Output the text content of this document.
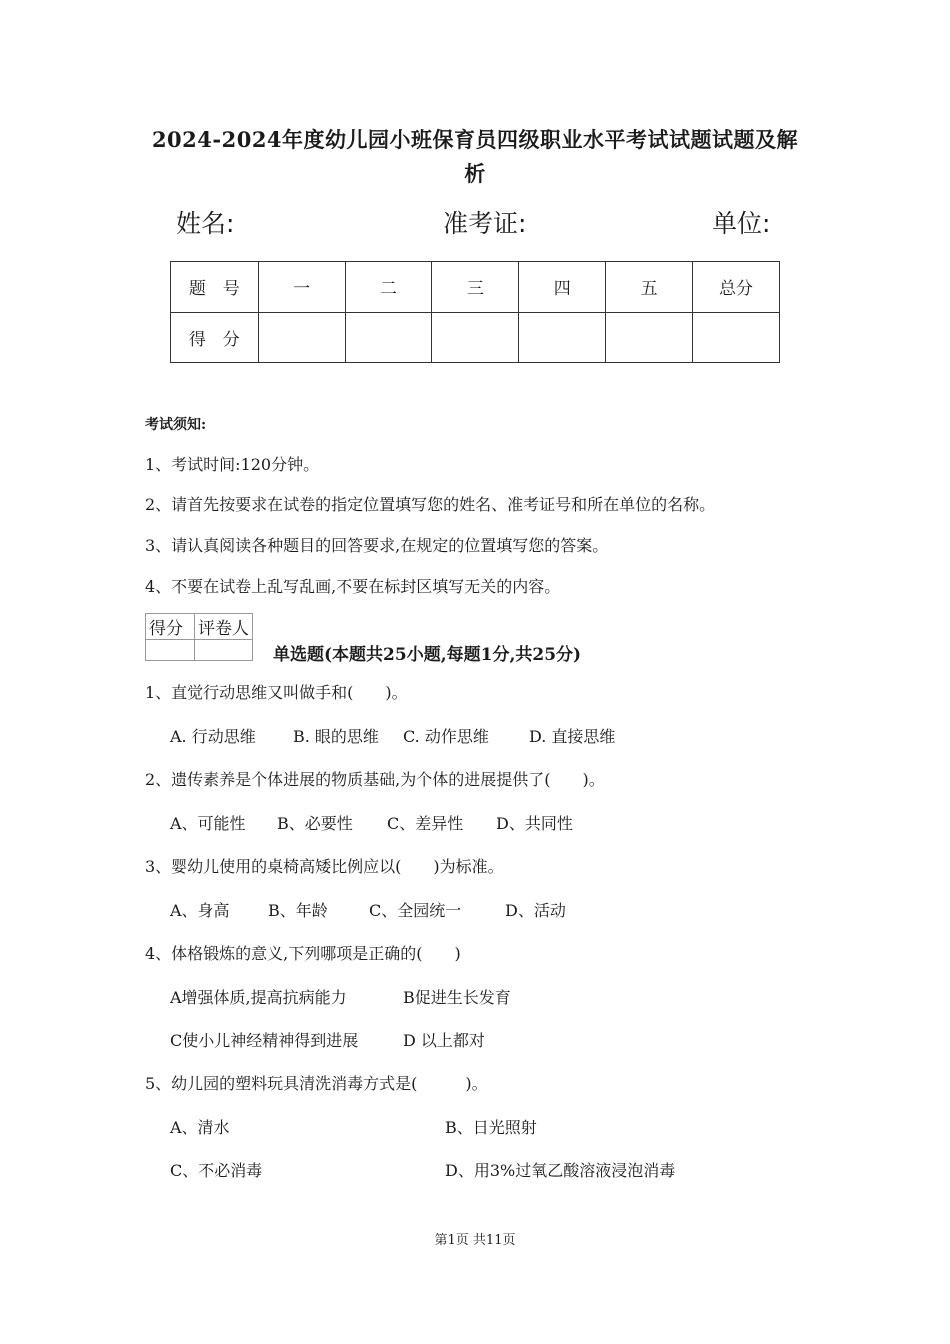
2024-2024年度幼儿园小班保育员四级职业水平考试试题试题及解
析
姓名:	准考证:	单位:
题　号	一	二	三	四	五	总分
得　分						
考试须知:
1、考试时间:120分钟。
2、请首先按要求在试卷的指定位置填写您的姓名、准考证号和所在单位的名称。
3、请认真阅读各种题目的回答要求,在规定的位置填写您的答案。
4、不要在试卷上乱写乱画,不要在标封区填写无关的内容。
得分	评卷人

单选题(本题共25小题,每题1分,共25分)
1、直觉行动思维又叫做手和(　　)。
A. 行动思维 B. 眼的思维 C. 动作思维	D. 直接思维
2、遗传素养是个体进展的物质基础,为个体的进展提供了(　　)。
A、可能性 B、必要性 C、差异性 D、共同性
3、婴幼儿使用的桌椅高矮比例应以(　　)为标准。
A、身高 B、年龄	C、全园统一	D、活动
4、体格锻炼的意义,下列哪项是正确的(　　)
A增强体质,提高抗病能力	B促进生长发育
C使小儿神经精神得到进展	D 以上都对
5、幼儿园的塑料玩具清洗消毒方式是(　　　)。
A、清水	B、日光照射
C、不必消毒	D、用3%过氧乙酸溶液浸泡消毒
第1页 共11页
